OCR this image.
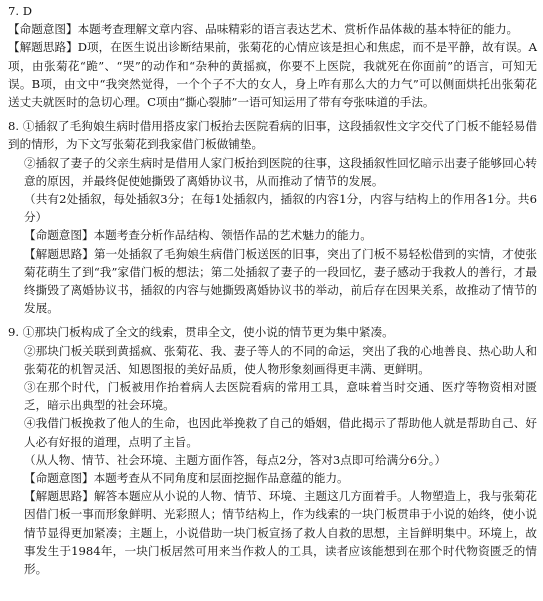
7. D

【命题意图】本题考查理解文章内容、品味精彩的语言表达艺术、赏析作品体裁的基本特征的能力。

【解题思路】D项，在医生说出诊断结果前，张菊花的心情应该是担心和焦虑，而不是平静，故有误。A项，由张菊花“跪”、“哭”的动作和“杂种的黄摇疯，你要不上医院，我就死在你面前”的语言，可知无误。B项，由文中“我突然觉得，一个个子不大的女人，身上咋有那么大的力气”可以侧面烘托出张菊花送丈夫就医时的急切心理。C项由“撕心裂肺”一语可知运用了带有夸张味道的手法。

8. ①插叙了毛狗娘生病时借用搭皮家门板抬去医院看病的旧事，这段插叙性文字交代了门板不能轻易借到的情形，为下文写张菊花到我家借门板做铺垫。

②插叙了妻子的父亲生病时是借用人家门板抬到医院的往事，这段插叙性回忆暗示出妻子能够回心转意的原因，并最终促使她撕毁了离婚协议书，从而推动了情节的发展。

（共有2处插叙，每处插叙3分；在每1处插叙内，插叙的内容1分，内容与结构上的作用各1分。共6分）

【命题意图】本题考查分析作品结构、领悟作品的艺术魅力的能力。

【解题思路】第一处插叙了毛狗娘生病借门板送医的旧事，突出了门板不易轻松借到的实情，才使张菊花萌生了到“我”家借门板的想法；第二处插叙了妻子的一段回忆，妻子感动于我救人的善行，才最终撕毁了离婚协议书，插叙的内容与她撕毁离婚协议书的举动，前后存在因果关系，故推动了情节的发展。

9. ①那块门板构成了全文的线索，贯串全文，使小说的情节更为集中紧凑。

②那块门板关联到黄摇疯、张菊花、我、妻子等人的不同的命运，突出了我的心地善良、热心助人和张菊花的机智灵活、知恩图报的美好品质，使人物形象刻画得更丰满、更鲜明。

③在那个时代，门板被用作抬着病人去医院看病的常用工具，意味着当时交通、医疗等物资相对匮乏，暗示出典型的社会环境。

④我借门板挽救了他人的生命，也因此举挽救了自己的婚姻，借此揭示了帮助他人就是帮助自己、好人必有好报的道理，点明了主旨。

（从人物、情节、社会环境、主题方面作答，每点2分，答对3点即可给满分6分。）

【命题意图】本题考查从不同角度和层面挖掘作品意蕴的能力。

【解题思路】解答本题应从小说的人物、情节、环境、主题这几方面着手。人物塑造上，我与张菊花因借门板一事而形象鲜明、光彩照人；情节结构上，作为线索的一块门板贯串于小说的始终，使小说情节显得更加紧凑；主题上，小说借助一块门板宣扬了救人自救的思想，主旨鲜明集中。环境上，故事发生于1984年，一块门板居然可用来当作救人的工具，读者应该能想到在那个时代物资匮乏的情形。
